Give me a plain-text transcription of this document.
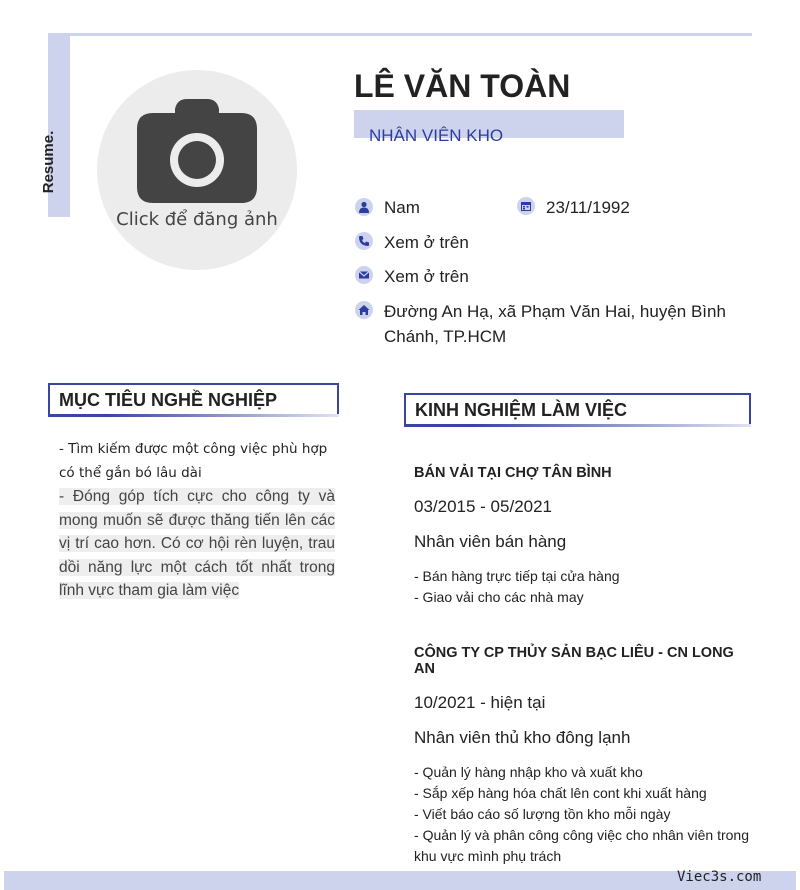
Resume.
Click để đăng ảnh
LÊ VĂN TOÀN
NHÂN VIÊN KHO
Nam	23/11/1992
Xem ở trên
Xem ở trên
Đường An Hạ, xã Phạm Văn Hai, huyện Bình Chánh, TP.HCM
MỤC TIÊU NGHỀ NGHIỆP
- Tìm kiếm được một công việc phù hợp có thể gắn bó lâu dài
- Đóng góp tích cực cho công ty và mong muốn sẽ được thăng tiến lên các vị trí cao hơn. Có cơ hội rèn luyện, trau dồi năng lực một cách tốt nhất trong lĩnh vực tham gia làm việc
KINH NGHIỆM LÀM VIỆC
BÁN VẢI TẠI CHỢ TÂN BÌNH
03/2015 - 05/2021
Nhân viên bán hàng
- Bán hàng trực tiếp tại cửa hàng
- Giao vải cho các nhà may
CÔNG TY CP THỦY SẢN BẠC LIÊU - CN LONG AN
10/2021 - hiện tại
Nhân viên thủ kho đông lạnh
- Quản lý hàng nhập kho và xuất kho
- Sắp xếp hàng hóa chất lên cont khi xuất hàng
- Viết báo cáo số lượng tồn kho mỗi ngày
- Quản lý và phân công công việc cho nhân viên trong khu vực mình phụ trách
Viec3s.com
